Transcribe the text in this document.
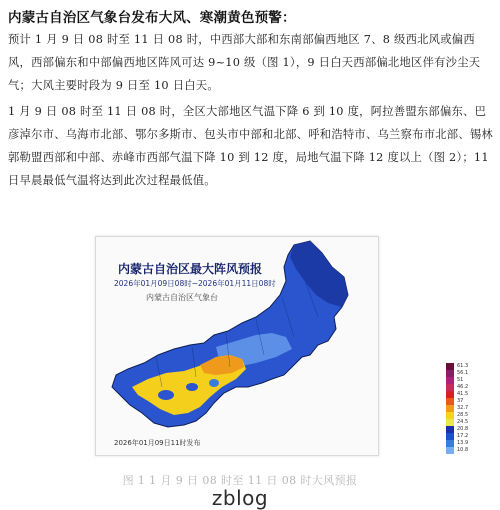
内蒙古自治区气象台发布大风、寒潮黄色预警：
预计 1 月 9 日 08 时至 11 日 08 时，中西部大部和东南部偏西地区 7、8 级西北风或偏西风，西部偏东和中部偏西地区阵风可达 9~10 级（图 1），9 日白天西部偏北地区伴有沙尘天气；大风主要时段为 9 日至 10 日白天。
1 月 9 日 08 时至 11 日 08 时，全区大部地区气温下降 6 到 10 度，阿拉善盟东部偏东、巴彦淖尔市、乌海市北部、鄂尔多斯市、包头市中部和北部、呼和浩特市、乌兰察布市北部、锡林郭勒盟西部和中部、赤峰市西部气温下降 10 到 12 度，局地气温下降 12 度以上（图 2）；11 日早晨最低气温将达到此次过程最低值。
内蒙古自治区最大阵风预报
2026年01月09日08时~2026年01月11日08时
内蒙古自治区气象台
2026年01月09日11时发布
61.3
56.1
51
46.2
41.5
37
32.7
28.5
24.5
20.8
17.2
13.9
10.8
图 1 1 月 9 日 08 时至 11 日 08 时大风预报
zblog
